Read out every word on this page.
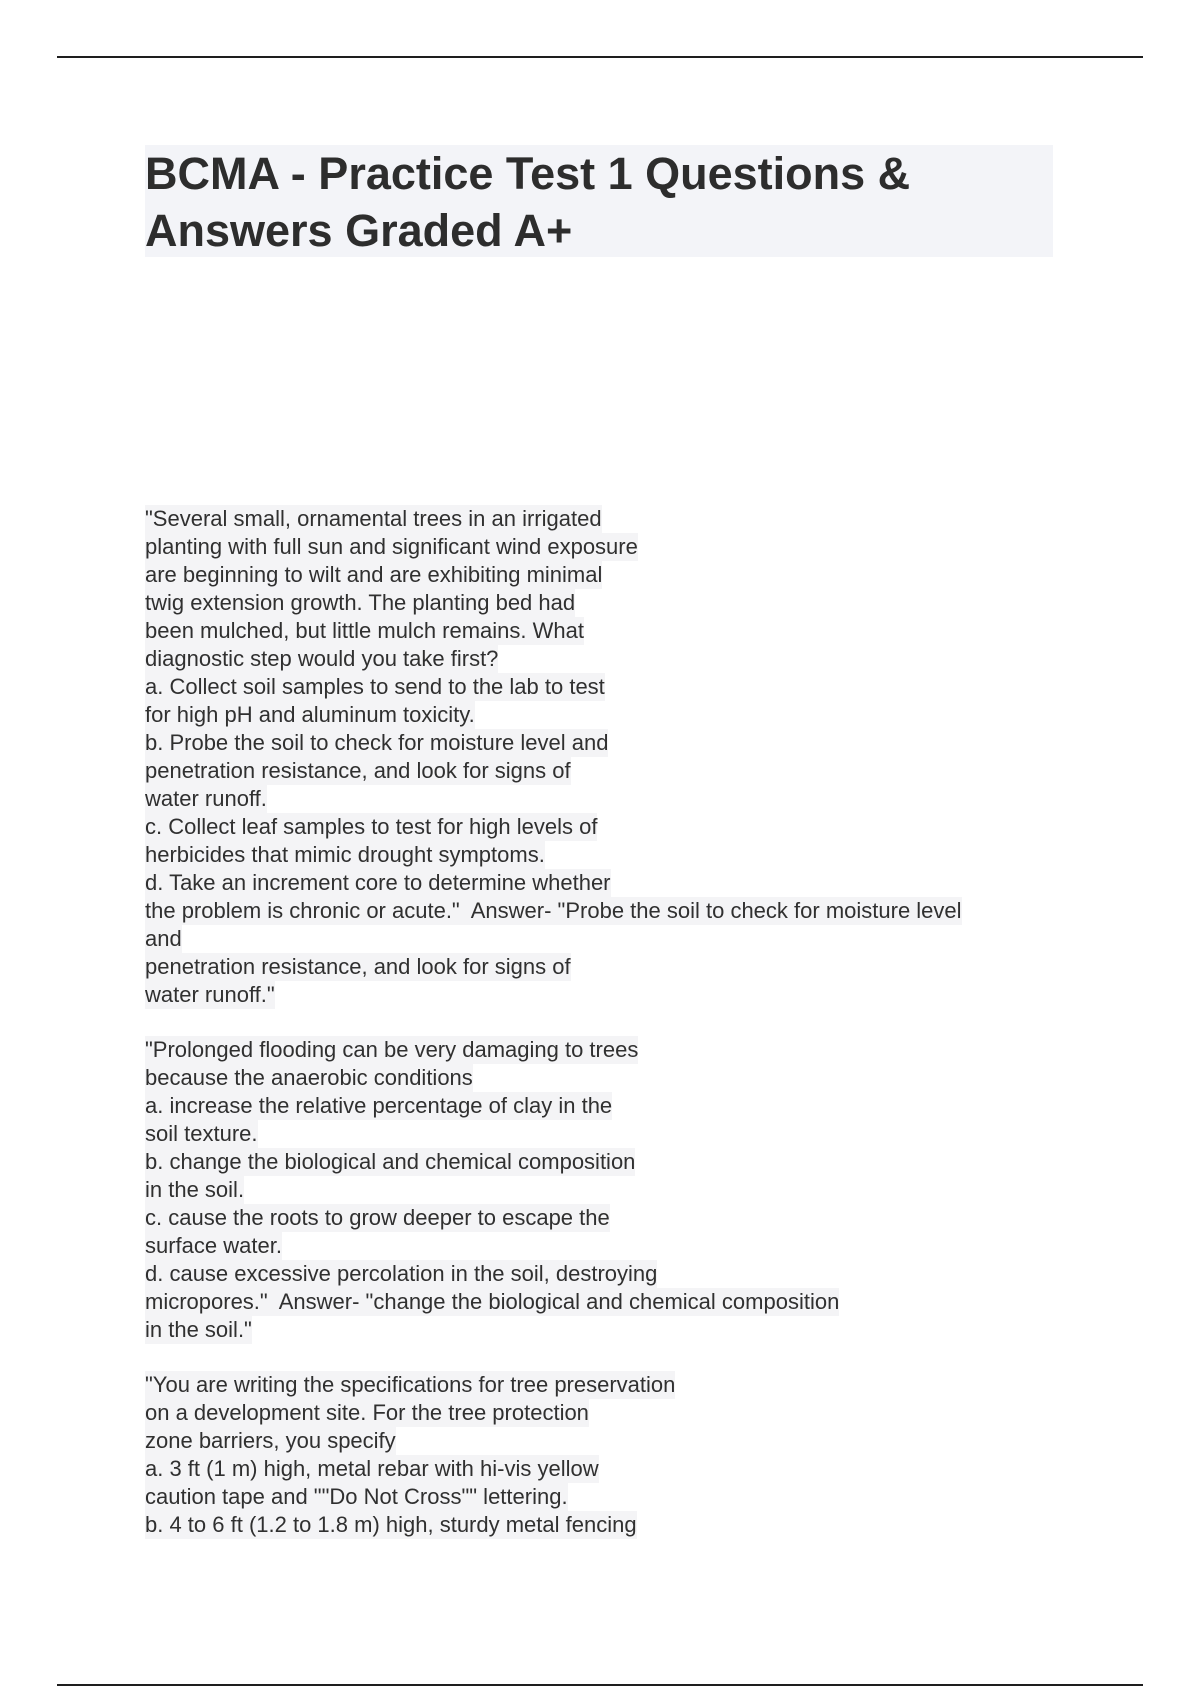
BCMA - Practice Test 1 Questions &
Answers Graded A+
"Several small, ornamental trees in an irrigated
planting with full sun and significant wind exposure
are beginning to wilt and are exhibiting minimal
twig extension growth. The planting bed had
been mulched, but little mulch remains. What
diagnostic step would you take first?
a. Collect soil samples to send to the lab to test
for high pH and aluminum toxicity.
b. Probe the soil to check for moisture level and
penetration resistance, and look for signs of
water runoff.
c. Collect leaf samples to test for high levels of
herbicides that mimic drought symptoms.
d. Take an increment core to determine whether
the problem is chronic or acute."  Answer- "Probe the soil to check for moisture level
and
penetration resistance, and look for signs of
water runoff."
"Prolonged flooding can be very damaging to trees
because the anaerobic conditions
a. increase the relative percentage of clay in the
soil texture.
b. change the biological and chemical composition
in the soil.
c. cause the roots to grow deeper to escape the
surface water.
d. cause excessive percolation in the soil, destroying
micropores."  Answer- "change the biological and chemical composition
in the soil."
"You are writing the specifications for tree preservation
on a development site. For the tree protection
zone barriers, you specify
a. 3 ft (1 m) high, metal rebar with hi-vis yellow
caution tape and ""Do Not Cross"" lettering.
b. 4 to 6 ft (1.2 to 1.8 m) high, sturdy metal fencing
